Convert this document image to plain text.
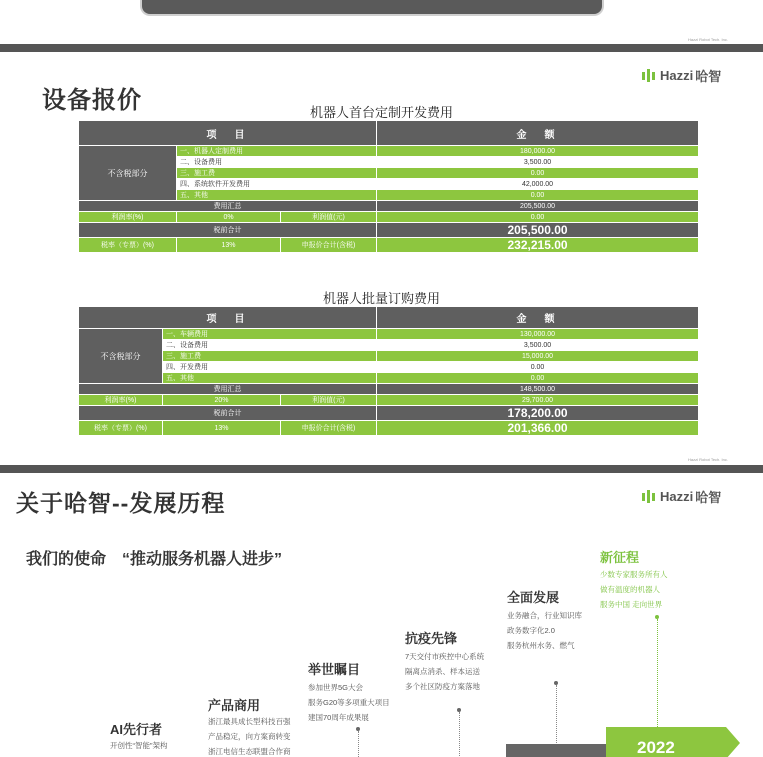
Hazzi Robot Tech. Inc.
设备报价
Hazzi 哈智
机器人首台定制开发费用
项　目			金　额
不含税部分	一、机器人定制费用		180,000.00
	二、设备费用		3,500.00
	三、施工费		0.00
	四、系统软件开发费用		42,000.00
	五、其他		0.00
费用汇总			205,500.00
利润率(%)	0%	利润值(元)	0.00
税前合计			205,500.00
税率（专票）(%)	13%	申报价合计(含税)	232,215.00
机器人批量订购费用
项　目			金　额
不含税部分	一、车辆费用		130,000.00
	二、设备费用		3,500.00
	三、施工费		15,000.00
	四、开发费用		0.00
	五、其他		0.00
费用汇总			148,500.00
利润率(%)	20%	利润值(元)	29,700.00
税前合计			178,200.00
税率（专票）(%)	13%	申报价合计(含税)	201,366.00
Hazzi Robot Tech. Inc.
关于哈智--发展历程	Hazzi 哈智
我们的使命　“推动服务机器人进步”
AI先行者
开创性“智能”架构
产品商用
浙江最具成长型科技百强
产品稳定，向方案商转变
浙江电信生态联盟合作商
举世瞩目
参加世界5G大会
服务G20等多项重大项目
建国70周年成果展
抗疫先锋
7天交付市疾控中心系统
隔离点消杀、样本运送
多个社区防疫方案落地
全面发展
业务融合，行业知识库
政务数字化2.0
服务杭州水务、燃气
新征程
少数专家服务所有人
做有温度的机器人
服务中国 走向世界
2022
